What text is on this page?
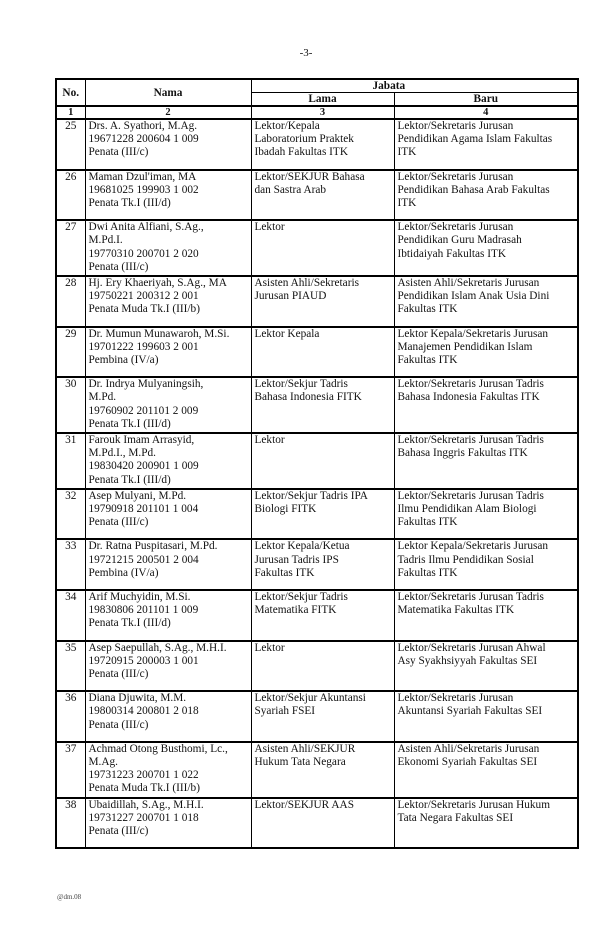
-3-
No.	Nama	Jabata	
		Lama	Baru
1	2	3	4
25	Drs. A. Syathori, M.Ag.
19671228 200604 1 009
Penata (III/c)	Lektor/Kepala
Laboratorium Praktek
Ibadah Fakultas ITK	Lektor/Sekretaris Jurusan
Pendidikan Agama Islam Fakultas
ITK

26	Maman Dzul'iman, MA
19681025 199903 1 002
Penata Tk.I (III/d)	Lektor/SEKJUR Bahasa
dan Sastra Arab	Lektor/Sekretaris Jurusan
Pendidikan Bahasa Arab Fakultas
ITK

27	Dwi Anita Alfiani, S.Ag.,
M.Pd.I.
19770310 200701 2 020
Penata (III/c)	Lektor	Lektor/Sekretaris Jurusan
Pendidikan Guru Madrasah
Ibtidaiyah Fakultas ITK

28	Hj. Ery Khaeriyah, S.Ag., MA
19750221 200312 2 001
Penata Muda Tk.I (III/b)	Asisten Ahli/Sekretaris
Jurusan PIAUD	Asisten Ahli/Sekretaris Jurusan
Pendidikan Islam Anak Usia Dini
Fakultas ITK

29	Dr. Mumun Munawaroh, M.Si.
19701222 199603 2 001
Pembina (IV/a)	Lektor Kepala	Lektor Kepala/Sekretaris Jurusan
Manajemen Pendidikan Islam
Fakultas ITK

30	Dr. Indrya Mulyaningsih,
M.Pd.
19760902 201101 2 009
Penata Tk.I (III/d)	Lektor/Sekjur Tadris
Bahasa Indonesia FITK	Lektor/Sekretaris Jurusan Tadris
Bahasa Indonesia Fakultas ITK

31	Farouk Imam Arrasyid,
M.Pd.I., M.Pd.
19830420 200901 1 009
Penata Tk.I (III/d)	Lektor	Lektor/Sekretaris Jurusan Tadris
Bahasa Inggris Fakultas ITK

32	Asep Mulyani, M.Pd.
19790918 201101 1 004
Penata (III/c)	Lektor/Sekjur Tadris IPA
Biologi FITK	Lektor/Sekretaris Jurusan Tadris
Ilmu Pendidikan Alam Biologi
Fakultas ITK

33	Dr. Ratna Puspitasari, M.Pd.
19721215 200501 2 004
Pembina (IV/a)	Lektor Kepala/Ketua
Jurusan Tadris IPS
Fakultas ITK	Lektor Kepala/Sekretaris Jurusan
Tadris Ilmu Pendidikan Sosial
Fakultas ITK

34	Arif Muchyidin, M.Si.
19830806 201101 1 009
Penata Tk.I (III/d)	Lektor/Sekjur Tadris
Matematika FITK	Lektor/Sekretaris Jurusan Tadris
Matematika Fakultas ITK

35	Asep Saepullah, S.Ag., M.H.I.
19720915 200003 1 001
Penata (III/c)	Lektor	Lektor/Sekretaris Jurusan Ahwal
Asy Syakhsiyyah Fakultas SEI

36	Diana Djuwita, M.M.
19800314 200801 2 018
Penata (III/c)	Lektor/Sekjur Akuntansi
Syariah FSEI	Lektor/Sekretaris Jurusan
Akuntansi Syariah Fakultas SEI

37	Achmad Otong Busthomi, Lc.,
M.Ag.
19731223 200701 1 022
Penata Muda Tk.I (III/b)	Asisten Ahli/SEKJUR
Hukum Tata Negara	Asisten Ahli/Sekretaris Jurusan
Ekonomi Syariah Fakultas SEI

38	Ubaidillah, S.Ag., M.H.I.
19731227 200701 1 018
Penata (III/c)	Lektor/SEKJUR AAS	Lektor/Sekretaris Jurusan Hukum
Tata Negara Fakultas SEI
@dm.08
